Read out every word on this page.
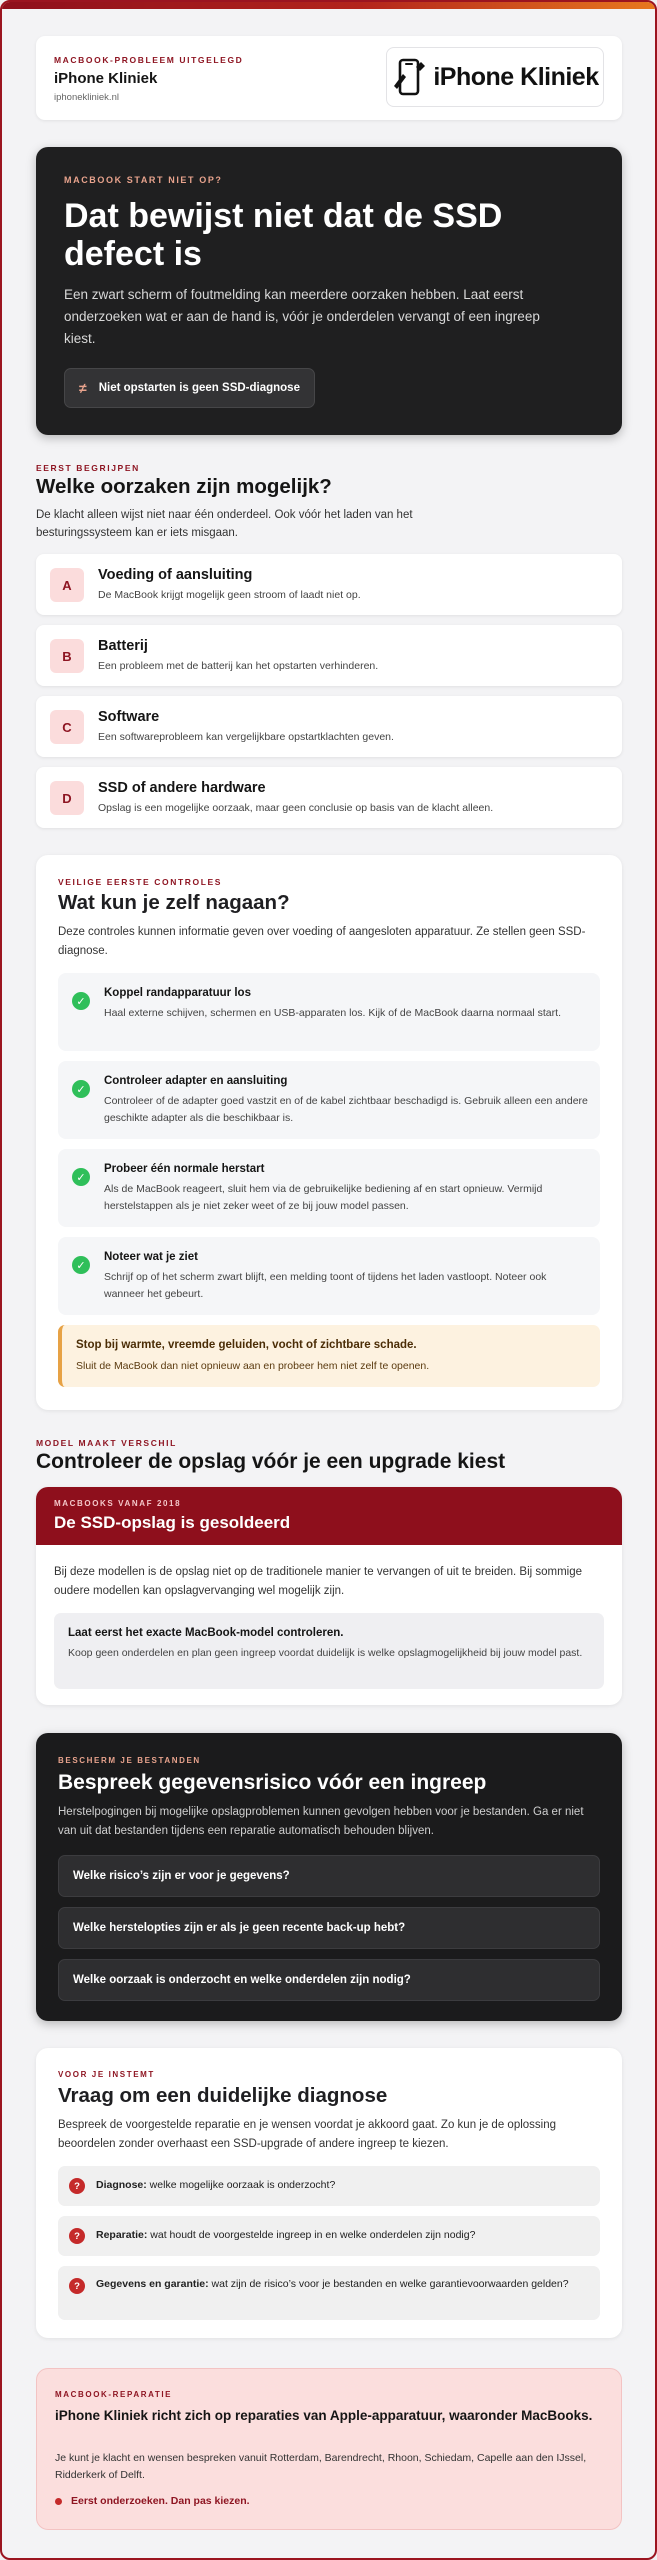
MACBOOK-PROBLEEM UITGELEGD
iPhone Kliniek
iphonekliniek.nl
iPhone Kliniek
MACBOOK START NIET OP?
Dat bewijst niet dat de SSD defect is

Een zwart scherm of foutmelding kan meerdere oorzaken hebben. Laat eerst onderzoeken wat er aan de hand is, vóór je onderdelen vervangt of een ingreep kiest.

≠ Niet opstarten is geen SSD-diagnose
EERST BEGRIJPEN
Welke oorzaken zijn mogelijk?
De klacht alleen wijst niet naar één onderdeel. Ook vóór het laden van het besturingssysteem kan er iets misgaan.
A
Voeding of aansluiting
De MacBook krijgt mogelijk geen stroom of laadt niet op.
B
Batterij
Een probleem met de batterij kan het opstarten verhinderen.
C
Software
Een softwareprobleem kan vergelijkbare opstartklachten geven.
D
SSD of andere hardware
Opslag is een mogelijke oorzaak, maar geen conclusie op basis van de klacht alleen.
VEILIGE EERSTE CONTROLES
Wat kun je zelf nagaan?
Deze controles kunnen informatie geven over voeding of aangesloten apparatuur. Ze stellen geen SSD-diagnose.
✓
Koppel randapparatuur los
Haal externe schijven, schermen en USB-apparaten los. Kijk of de MacBook daarna normaal start.
✓
Controleer adapter en aansluiting
Controleer of de adapter goed vastzit en of de kabel zichtbaar beschadigd is. Gebruik alleen een andere geschikte adapter als die beschikbaar is.
✓
Probeer één normale herstart
Als de MacBook reageert, sluit hem via de gebruikelijke bediening af en start opnieuw. Vermijd herstelstappen als je niet zeker weet of ze bij jouw model passen.
✓
Noteer wat je ziet
Schrijf op of het scherm zwart blijft, een melding toont of tijdens het laden vastloopt. Noteer ook wanneer het gebeurt.
Stop bij warmte, vreemde geluiden, vocht of zichtbare schade.
Sluit de MacBook dan niet opnieuw aan en probeer hem niet zelf te openen.
MODEL MAAKT VERSCHIL
Controleer de opslag vóór je een upgrade kiest
MACBOOKS VANAF 2018
De SSD-opslag is gesoldeerd
Bij deze modellen is de opslag niet op de traditionele manier te vervangen of uit te breiden. Bij sommige oudere modellen kan opslagvervanging wel mogelijk zijn.
Laat eerst het exacte MacBook-model controleren.
Koop geen onderdelen en plan geen ingreep voordat duidelijk is welke opslagmogelijkheid bij jouw model past.
BESCHERM JE BESTANDEN
Bespreek gegevensrisico vóór een ingreep
Herstelpogingen bij mogelijke opslagproblemen kunnen gevolgen hebben voor je bestanden. Ga er niet van uit dat bestanden tijdens een reparatie automatisch behouden blijven.
Welke risico’s zijn er voor je gegevens?
Welke herstelopties zijn er als je geen recente back-up hebt?
Welke oorzaak is onderzocht en welke onderdelen zijn nodig?
VOOR JE INSTEMT
Vraag om een duidelijke diagnose
Bespreek de voorgestelde reparatie en je wensen voordat je akkoord gaat. Zo kun je de oplossing beoordelen zonder overhaast een SSD-upgrade of andere ingreep te kiezen.
?	Diagnose: welke mogelijke oorzaak is onderzocht?
?	Reparatie: wat houdt de voorgestelde ingreep in en welke onderdelen zijn nodig?
?	Gegevens en garantie: wat zijn de risico’s voor je bestanden en welke garantievoorwaarden gelden?
MACBOOK-REPARATIE
iPhone Kliniek richt zich op reparaties van Apple-apparatuur, waaronder MacBooks.
Je kunt je klacht en wensen bespreken vanuit Rotterdam, Barendrecht, Rhoon, Schiedam, Capelle aan den IJssel, Ridderkerk of Delft.
Eerst onderzoeken. Dan pas kiezen.
